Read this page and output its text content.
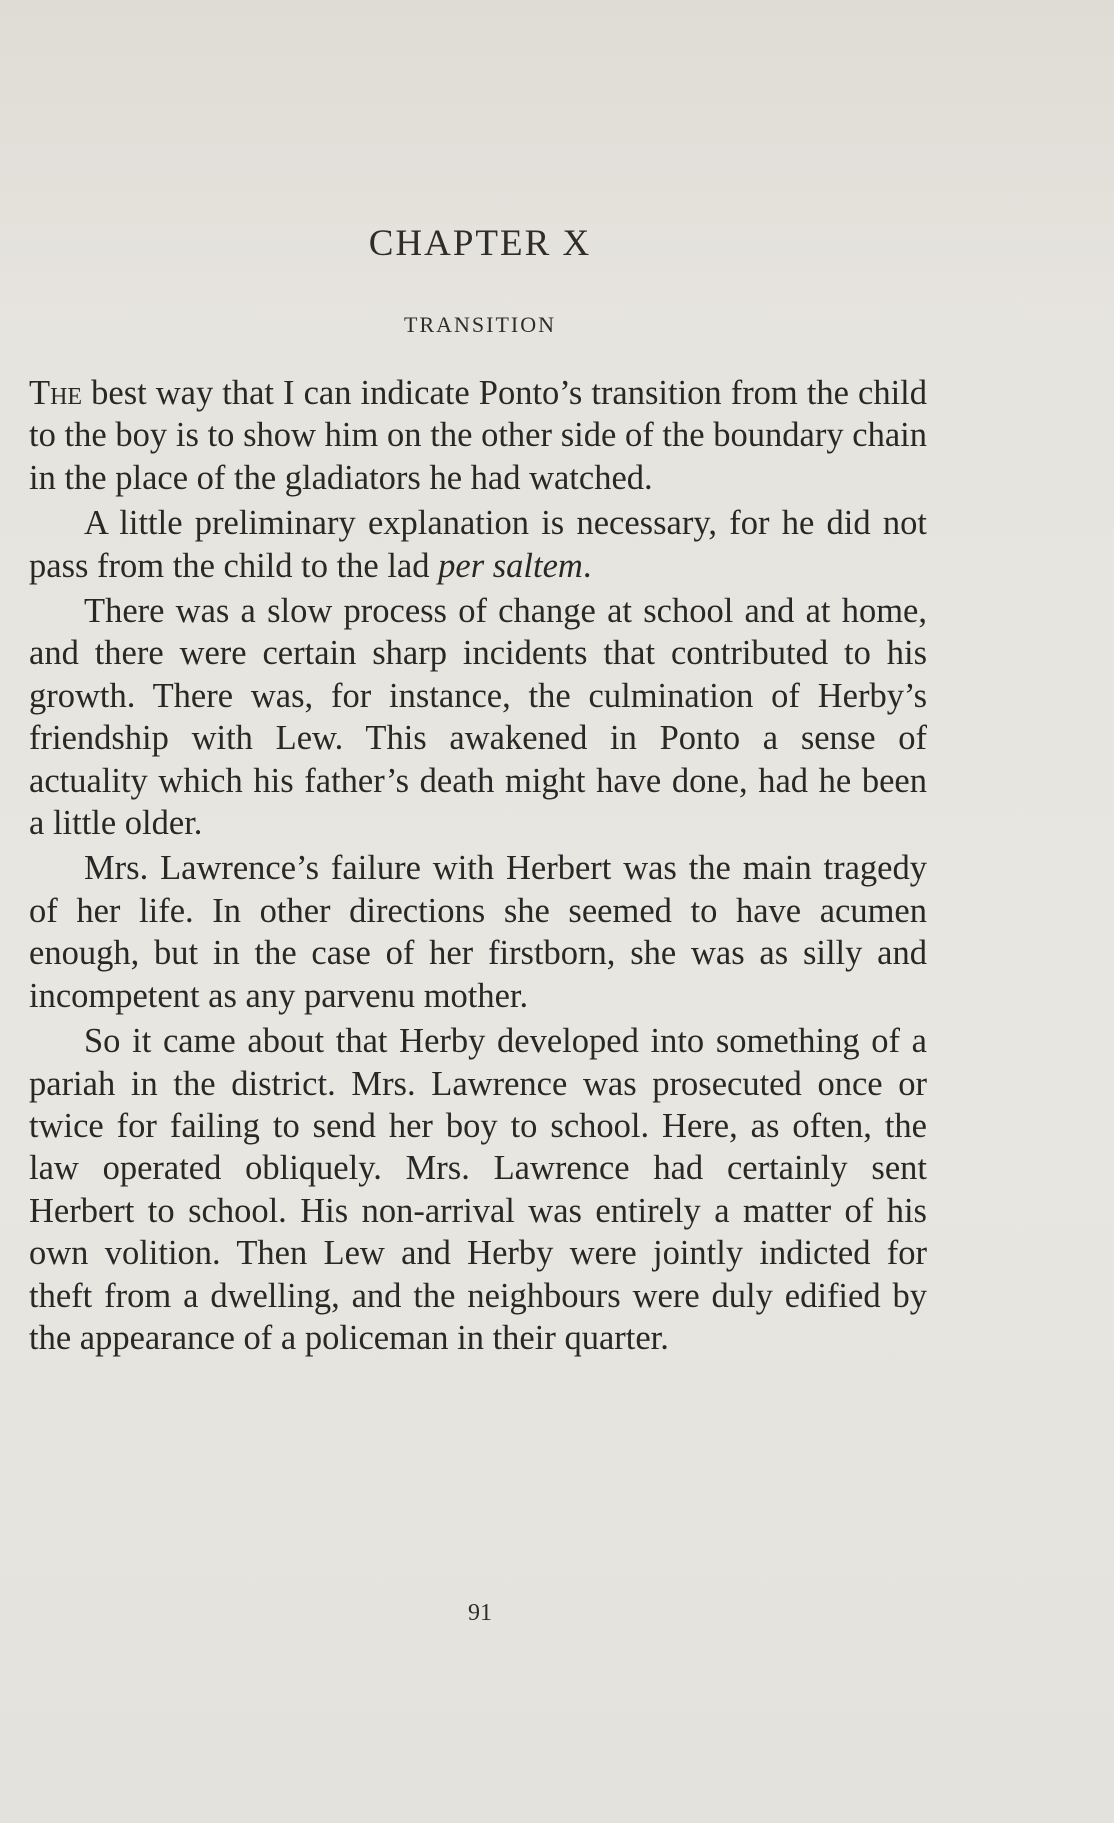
CHAPTER X
TRANSITION

The best way that I can indicate Ponto’s transition from the child to the boy is to show him on the other side of the boundary chain in the place of the gladiators he had watched.

A little preliminary explanation is necessary, for he did not pass from the child to the lad per saltem.

There was a slow process of change at school and at home, and there were certain sharp incidents that contributed to his growth. There was, for instance, the culmination of Herby’s friendship with Lew. This awakened in Ponto a sense of actuality which his father’s death might have done, had he been a little older.

Mrs. Lawrence’s failure with Herbert was the main tragedy of her life. In other directions she seemed to have acumen enough, but in the case of her firstborn, she was as silly and incompetent as any parvenu mother.

So it came about that Herby developed into something of a pariah in the district. Mrs. Lawrence was prosecuted once or twice for failing to send her boy to school. Here, as often, the law operated obliquely. Mrs. Lawrence had certainly sent Herbert to school. His non-arrival was entirely a matter of his own volition. Then Lew and Herby were jointly indicted for theft from a dwelling, and the neighbours were duly edified by the appearance of a policeman in their quarter.

91
